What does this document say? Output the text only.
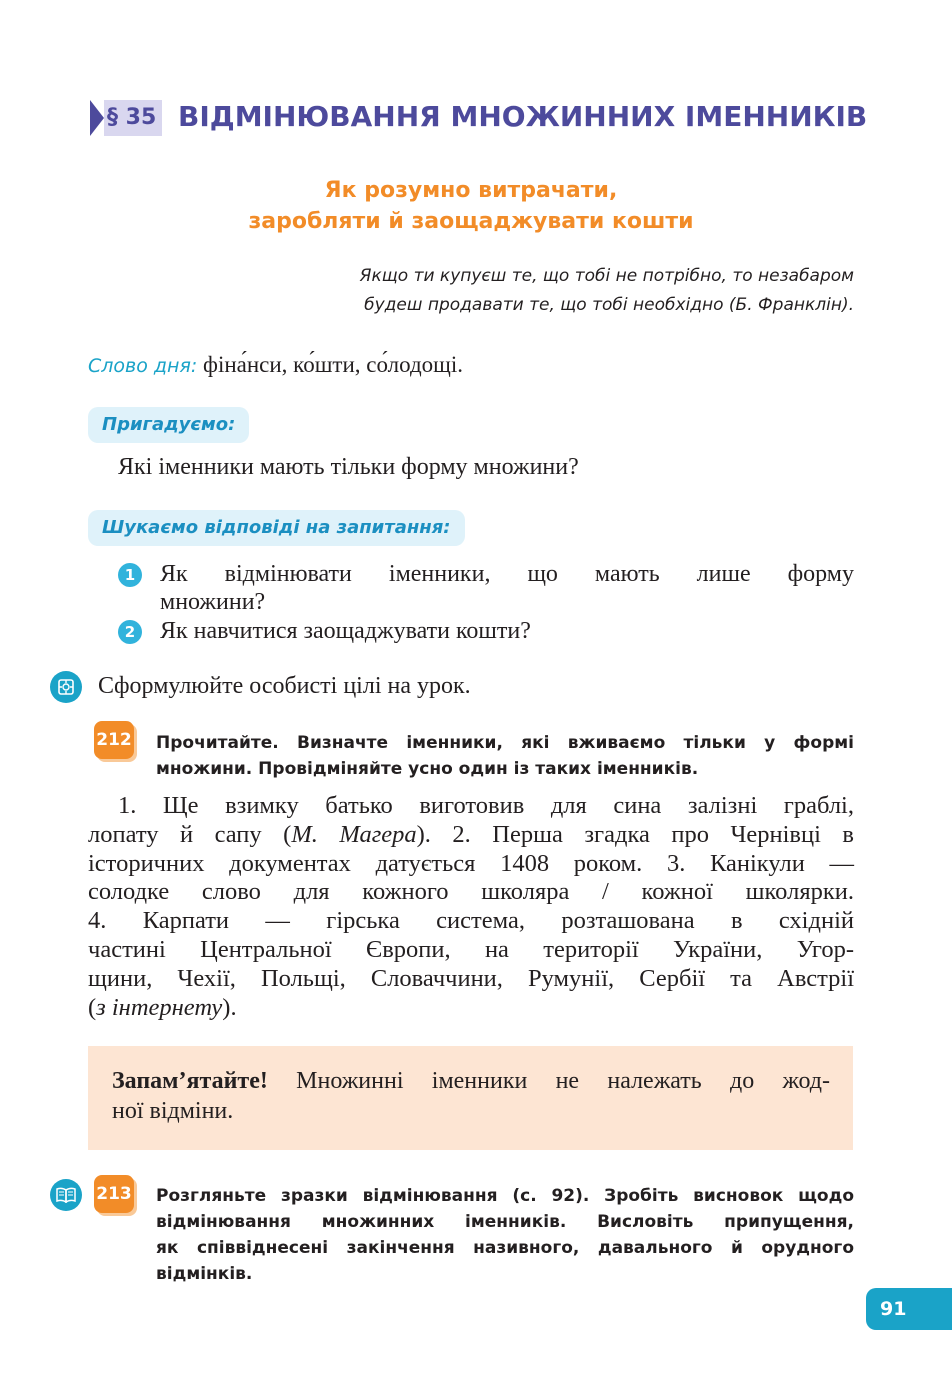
§ 35 ВІДМІНЮВАННЯ МНОЖИННИХ ІМЕННИКІВ
Як розумно витрачати,
заробляти й заощаджувати кошти
Якщо ти купуєш те, що тобі не потрібно, то незабаром
будеш продавати те, що тобі необхідно (Б. Франклін).
Слово дня: фіна́нси, ко́шти, со́лодощі.
Пригадуємо:
Які іменники мають тільки форму множини?
Шукаємо відповіді на запитання:
1 Як відмінювати іменники, що мають лише форму
множини?
2 Як навчитися заощаджувати кошти?
Сформулюйте особисті цілі на урок.
212 Прочитайте. Визначте іменники, які вживаємо тільки у формі
множини. Провідміняйте усно один із таких іменників.
1. Ще взимку батько виготовив для сина залізні граблі,
лопату й сапу (М. Магера). 2. Перша згадка про Чернівці в
історичних документах датується 1408 роком. 3. Канікули —
солодке слово для кожного школяра / кожної школярки.
4. Карпати — гірська система, розташована в східній
частині Центральної Європи, на території України, Угор-
щини, Чехії, Польщі, Словаччини, Румунії, Сербії та Австрії
(з інтернету).
Запам’ятайте! Множинні іменники не належать до жод-
ної відміни.
213 Розгляньте зразки відмінювання (с. 92). Зробіть висновок щодо
відмінювання множинних іменників. Висловіть припущення,
як співвіднесені закінчення називного, давального й орудного
відмінків.
91
